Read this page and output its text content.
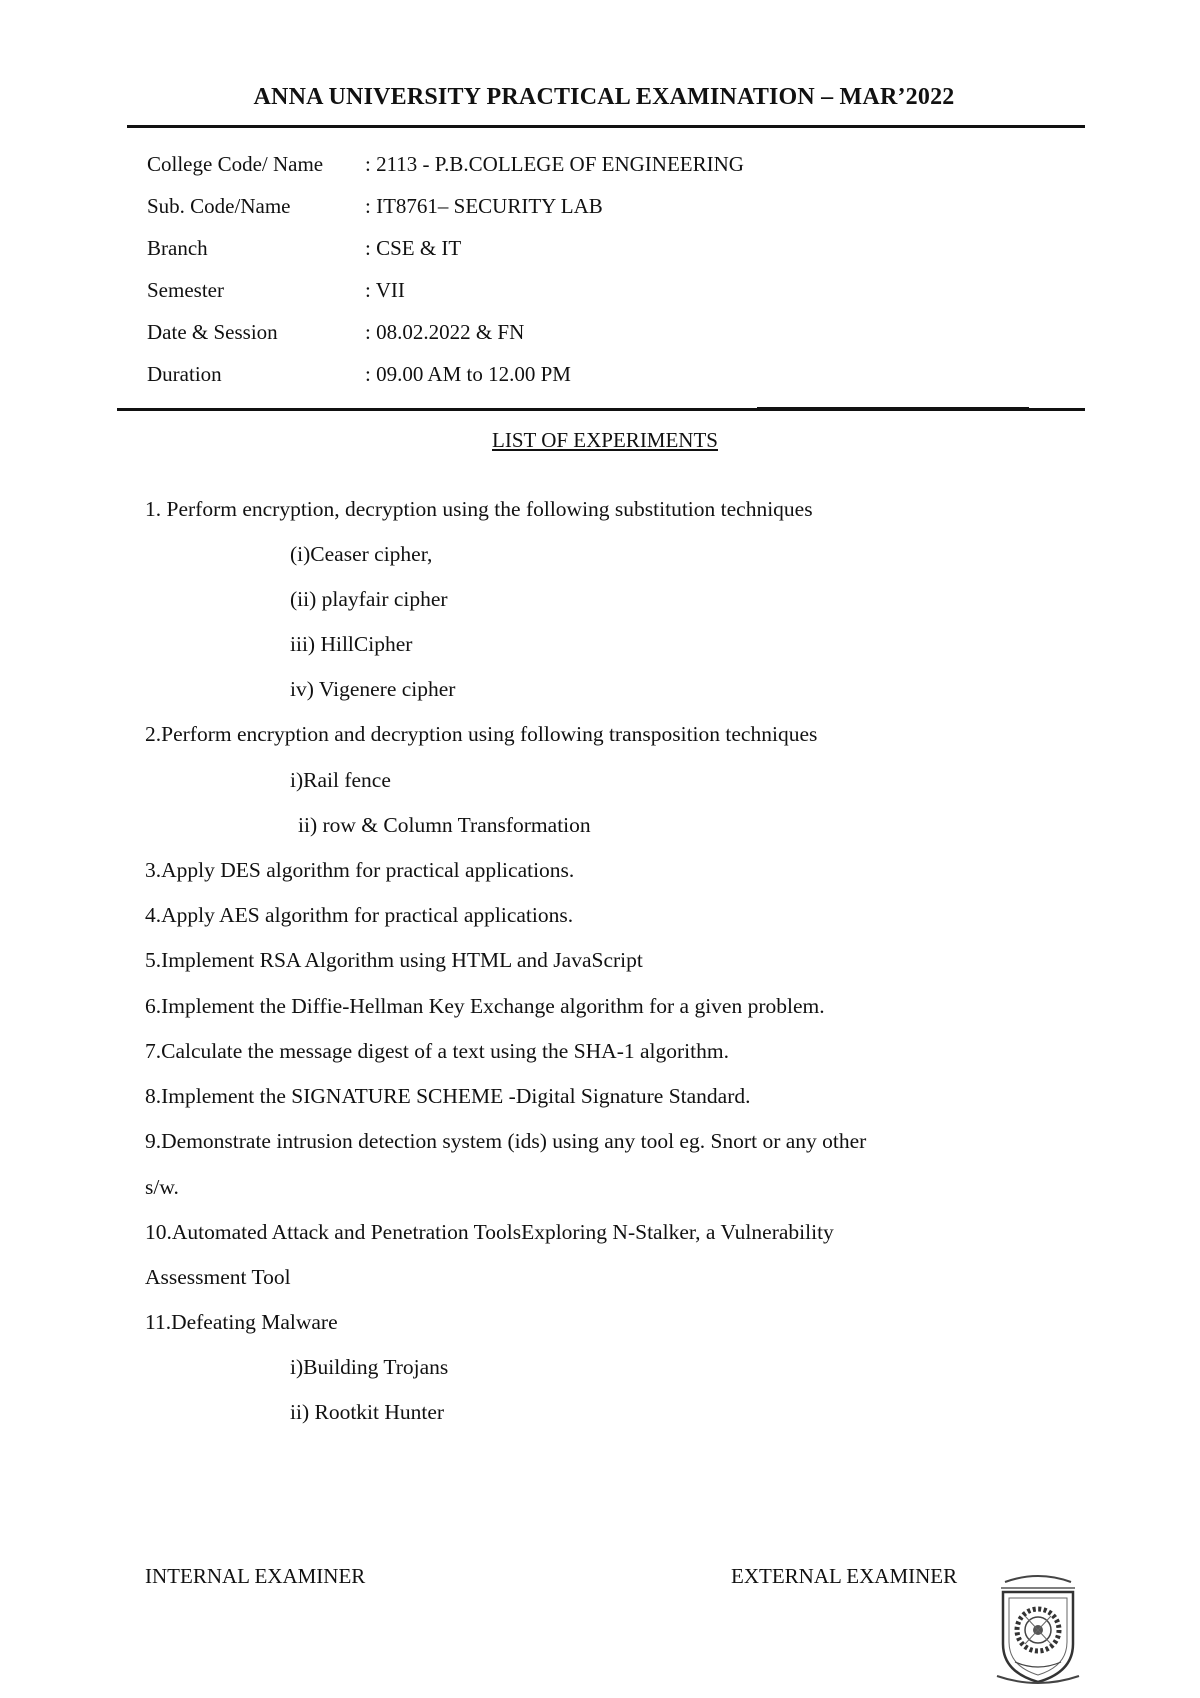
ANNA UNIVERSITY PRACTICAL EXAMINATION – MAR’2022
College Code/ Name	: 2113 - P.B.COLLEGE OF ENGINEERING
Sub. Code/Name	: IT8761– SECURITY LAB
Branch	: CSE & IT
Semester	: VII
Date & Session	: 08.02.2022 & FN
Duration	: 09.00 AM to 12.00 PM
LIST OF EXPERIMENTS
1. Perform encryption, decryption using the following substitution techniques
(i)Ceaser cipher,
(ii) playfair cipher
iii) HillCipher
iv) Vigenere cipher
2.Perform encryption and decryption using following transposition techniques
i)Rail fence
ii) row & Column Transformation
3.Apply DES algorithm for practical applications.
4.Apply AES algorithm for practical applications.
5.Implement RSA Algorithm using HTML and JavaScript
6.Implement the Diffie-Hellman Key Exchange algorithm for a given problem.
7.Calculate the message digest of a text using the SHA-1 algorithm.
8.Implement the SIGNATURE SCHEME -Digital Signature Standard.
9.Demonstrate intrusion detection system (ids) using any tool eg. Snort or any other
s/w.
10.Automated Attack and Penetration ToolsExploring N-Stalker, a Vulnerability
Assessment Tool
11.Defeating Malware
i)Building Trojans
ii) Rootkit Hunter
INTERNAL EXAMINER	EXTERNAL EXAMINER
